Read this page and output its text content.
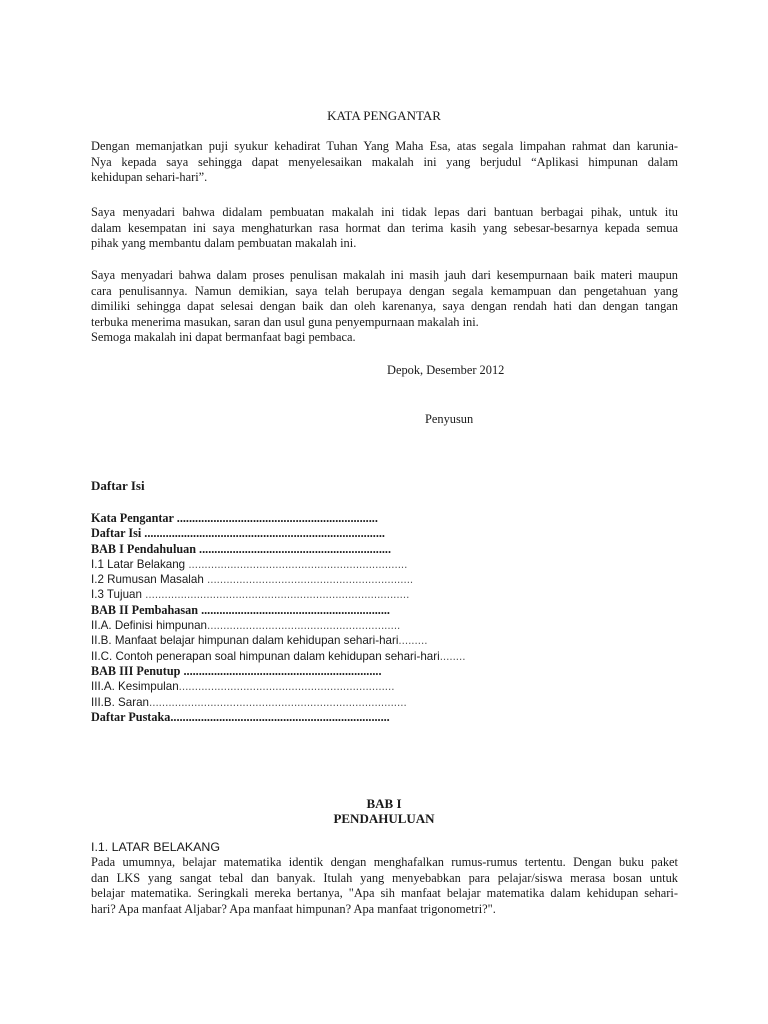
KATA PENGANTAR
Dengan memanjatkan puji syukur kehadirat Tuhan Yang Maha Esa, atas segala limpahan rahmat dan karunia-
Nya kepada saya sehingga dapat menyelesaikan makalah ini yang berjudul “Aplikasi himpunan dalam
kehidupan sehari-hari”.
Saya menyadari bahwa didalam pembuatan makalah ini tidak lepas dari bantuan berbagai pihak, untuk itu
dalam kesempatan ini saya menghaturkan rasa hormat dan terima kasih yang sebesar-besarnya kepada semua
pihak yang membantu dalam pembuatan makalah ini.
Saya menyadari bahwa dalam proses penulisan makalah ini masih jauh dari kesempurnaan baik materi maupun
cara penulisannya. Namun demikian, saya telah berupaya dengan segala kemampuan dan pengetahuan yang
dimiliki sehingga dapat selesai dengan baik dan oleh karenanya, saya dengan rendah hati dan dengan tangan
terbuka menerima masukan, saran dan usul guna penyempurnaan makalah ini.
Semoga makalah ini dapat bermanfaat bagi pembaca.
Depok, Desember 2012
Penyusun
Daftar Isi
Kata Pengantar ..................................................................
Daftar Isi ...............................................................................
BAB I Pendahuluan ...............................................................
I.1 Latar Belakang ....................................................................
I.2 Rumusan Masalah ................................................................
I.3 Tujuan ..................................................................................
BAB II Pembahasan ..............................................................
II.A. Definisi himpunan............................................................
II.B. Manfaat belajar himpunan dalam kehidupan sehari-hari.........
II.C. Contoh penerapan soal himpunan dalam kehidupan sehari-hari........
BAB III Penutup .................................................................
III.A. Kesimpulan...................................................................
III.B. Saran................................................................................
Daftar Pustaka........................................................................
BAB I
PENDAHULUAN
I.1. LATAR BELAKANG
Pada umumnya, belajar matematika identik dengan menghafalkan rumus-rumus tertentu. Dengan buku paket
dan LKS yang sangat tebal dan banyak. Itulah yang menyebabkan para pelajar/siswa merasa bosan untuk
belajar matematika. Seringkali mereka bertanya, "Apa sih manfaat belajar matematika dalam kehidupan sehari-
hari? Apa manfaat Aljabar? Apa manfaat himpunan? Apa manfaat trigonometri?".
